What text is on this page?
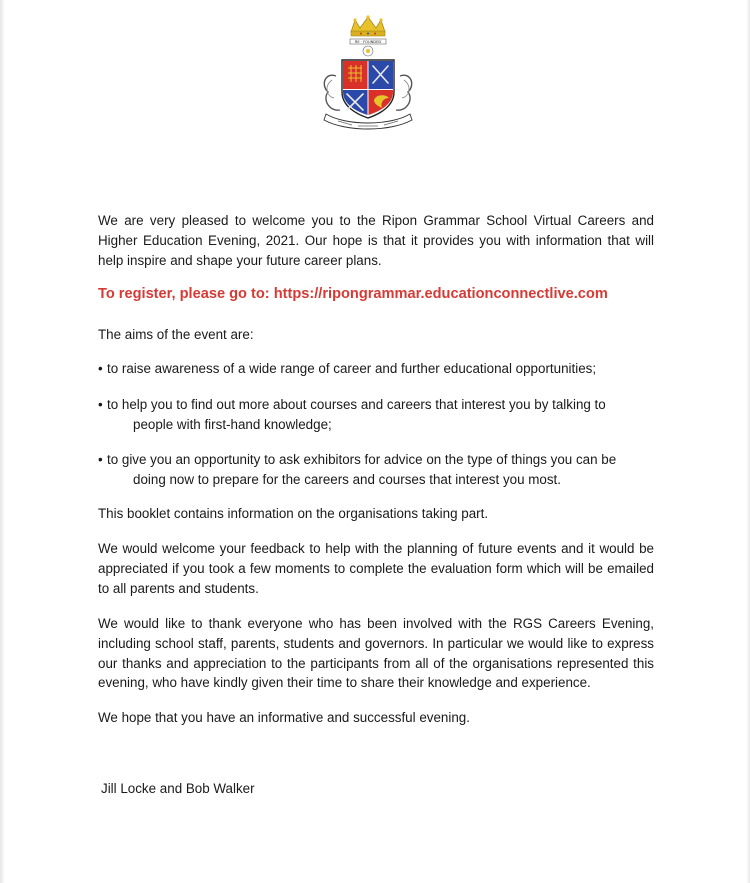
RE · FOUNDED

We are very pleased to welcome you to the Ripon Grammar School Virtual Careers and Higher Education Evening, 2021. Our hope is that it provides you with information that will help inspire and shape your future career plans.

To register, please go to: https://ripongrammar.educationconnectlive.com

The aims of the event are:

• to raise awareness of a wide range of career and further educational opportunities;

• to help you to find out more about courses and careers that interest you by talking to
people with first-hand knowledge;

• to give you an opportunity to ask exhibitors for advice on the type of things you can be
doing now to prepare for the careers and courses that interest you most.

This booklet contains information on the organisations taking part.

We would welcome your feedback to help with the planning of future events and it would be appreciated if you took a few moments to complete the evaluation form which will be emailed to all parents and students.

We would like to thank everyone who has been involved with the RGS Careers Evening, including school staff, parents, students and governors. In particular we would like to express our thanks and appreciation to the participants from all of the organisations represented this evening, who have kindly given their time to share their knowledge and experience.

We hope that you have an informative and successful evening.

Jill Locke and Bob Walker
